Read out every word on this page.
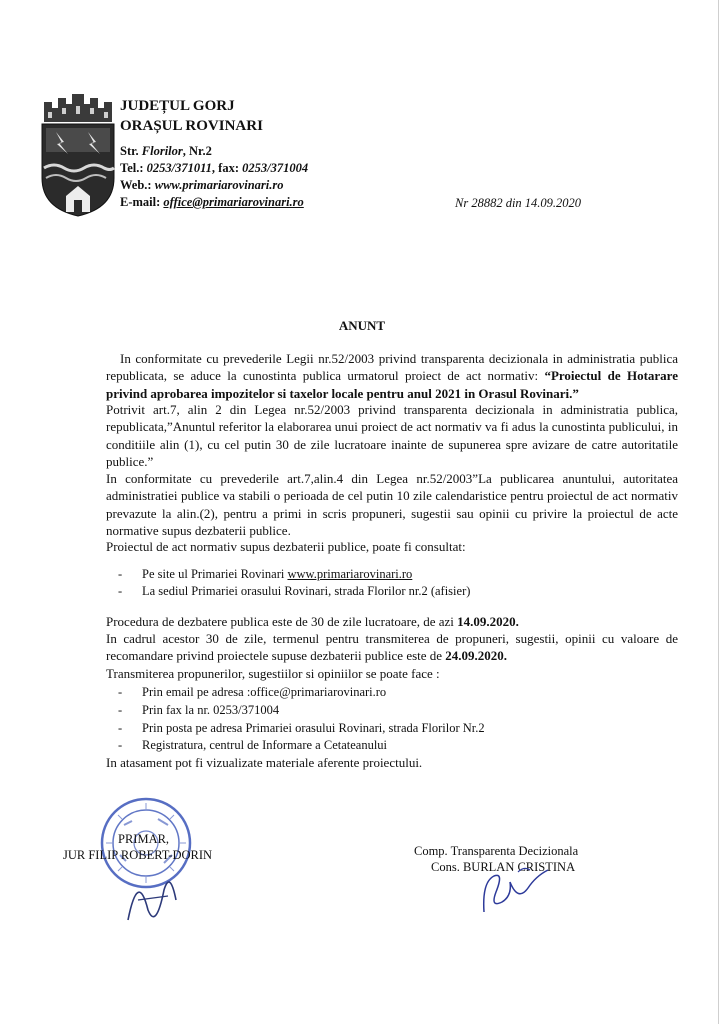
JUDEȚUL GORJ
ORAȘUL ROVINARI
Str. Florilor, Nr.2
Tel.: 0253/371011, fax: 0253/371004
Web.: www.primariarovinari.ro
E-mail: office@primariarovinari.ro	Nr 28882 din 14.09.2020
ANUNT
In conformitate cu prevederile Legii nr.52/2003 privind transparenta decizionala in administratia publica republicata, se aduce la cunostinta publica urmatorul proiect de act normativ: “Proiectul de Hotarare privind aprobarea impozitelor si taxelor locale pentru anul 2021 in Orasul Rovinari.”
Potrivit art.7, alin 2 din Legea nr.52/2003 privind transparenta decizionala in administratia publica, republicata,”Anuntul referitor la elaborarea unui proiect de act normativ va fi adus la cunostinta publicului, in conditiile alin (1), cu cel putin 30 de zile lucratoare inainte de supunerea spre avizare de catre autoritatile publice.”
In conformitate cu prevederile art.7,alin.4 din Legea nr.52/2003”La publicarea anuntului, autoritatea administratiei publice va stabili o perioada de cel putin 10 zile calendaristice pentru proiectul de act normativ prevazute la alin.(2), pentru a primi in scris propuneri, sugestii sau opinii cu privire la proiectul de acte normative supus dezbaterii publice.
Proiectul de act normativ supus dezbaterii publice, poate fi consultat:
- Pe site ul Primariei Rovinari www.primariarovinari.ro
- La sediul Primariei orasului Rovinari, strada Florilor nr.2 (afisier)
Procedura de dezbatere publica este de 30 de zile lucratoare, de azi 14.09.2020.
In cadrul acestor 30 de zile, termenul pentru transmiterea de propuneri, sugestii, opinii cu valoare de recomandare privind proiectele supuse dezbaterii publice este de 24.09.2020.
Transmiterea propunerilor, sugestiilor si opiniilor se poate face :
- Prin email pe adresa :office@primariarovinari.ro
- Prin fax la nr. 0253/371004
- Prin posta pe adresa Primariei orasului Rovinari, strada Florilor Nr.2
- Registratura, centrul de Informare a Cetateanului
In atasament pot fi vizualizate materiale aferente proiectului.
PRIMAR,
JUR FILIP ROBERT-DORIN	Comp. Transparenta Decizionala
Cons. BURLAN CRISTINA
